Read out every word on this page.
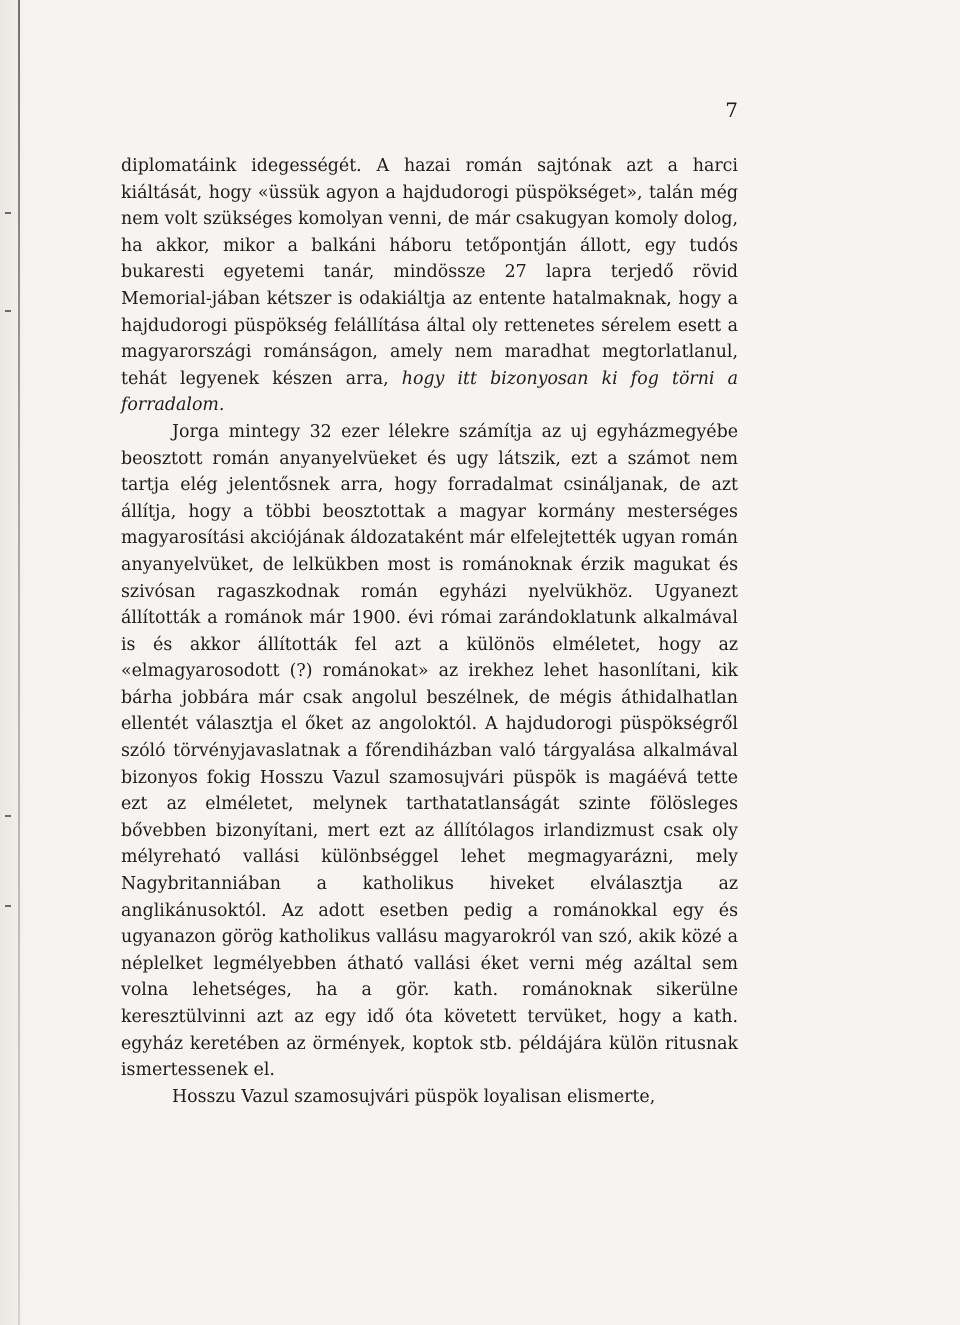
7

diplomatáink idegességét. A hazai román sajtónak azt a harci kiáltását, hogy «üssük agyon a hajdudorogi püspökséget», talán még nem volt szükséges komolyan venni, de már csakugyan komoly dolog, ha akkor, mikor a balkáni háboru tetőpontján állott, egy tudós bukaresti egyetemi tanár, mindössze 27 lapra terjedő rövid Memorial-jában kétszer is odakiáltja az entente hatalmaknak, hogy a hajdudorogi püspökség felállítása által oly rettenetes sérelem esett a magyarországi románságon, amely nem maradhat megtorlatlanul, tehát legyenek készen arra, hogy itt bizonyosan ki fog törni a forradalom.

Jorga mintegy 32 ezer lélekre számítja az uj egyházmegyébe beosztott román anyanyelvüeket és ugy látszik, ezt a számot nem tartja elég jelentősnek arra, hogy forradalmat csináljanak, de azt állítja, hogy a többi beosztottak a magyar kormány mesterséges magyarosítási akciójának áldozataként már elfelejtették ugyan román anyanyelvüket, de lelkükben most is románoknak érzik magukat és szivósan ragaszkodnak román egyházi nyelvükhöz. Ugyanezt állították a románok már 1900. évi római zarándoklatunk alkalmával is és akkor állították fel azt a különös elméletet, hogy az «elmagyarosodott (?) románokat» az irekhez lehet hasonlítani, kik bárha jobbára már csak angolul beszélnek, de mégis áthidalhatlan ellentét választja el őket az angoloktól. A hajdudorogi püspökségről szóló törvényjavaslatnak a főrendiházban való tárgyalása alkalmával bizonyos fokig Hosszu Vazul szamosujvári püspök is magáévá tette ezt az elméletet, melynek tarthatatlanságát szinte fölösleges bővebben bizonyítani, mert ezt az állítólagos irlandizmust csak oly mélyreható vallási különbséggel lehet megmagyarázni, mely Nagybritanniában a katholikus hiveket elválasztja az anglikánusoktól. Az adott esetben pedig a románokkal egy és ugyanazon görög katholikus vallásu magyarokról van szó, akik közé a néplelket legmélyebben átható vallási éket verni még azáltal sem volna lehetséges, ha a gör. kath. románoknak sikerülne keresztülvinni azt az egy idő óta követett tervüket, hogy a kath. egyház keretében az örmények, koptok stb. példájára külön ritusnak ismertessenek el.

Hosszu Vazul szamosujvári püspök loyalisan elismerte,
